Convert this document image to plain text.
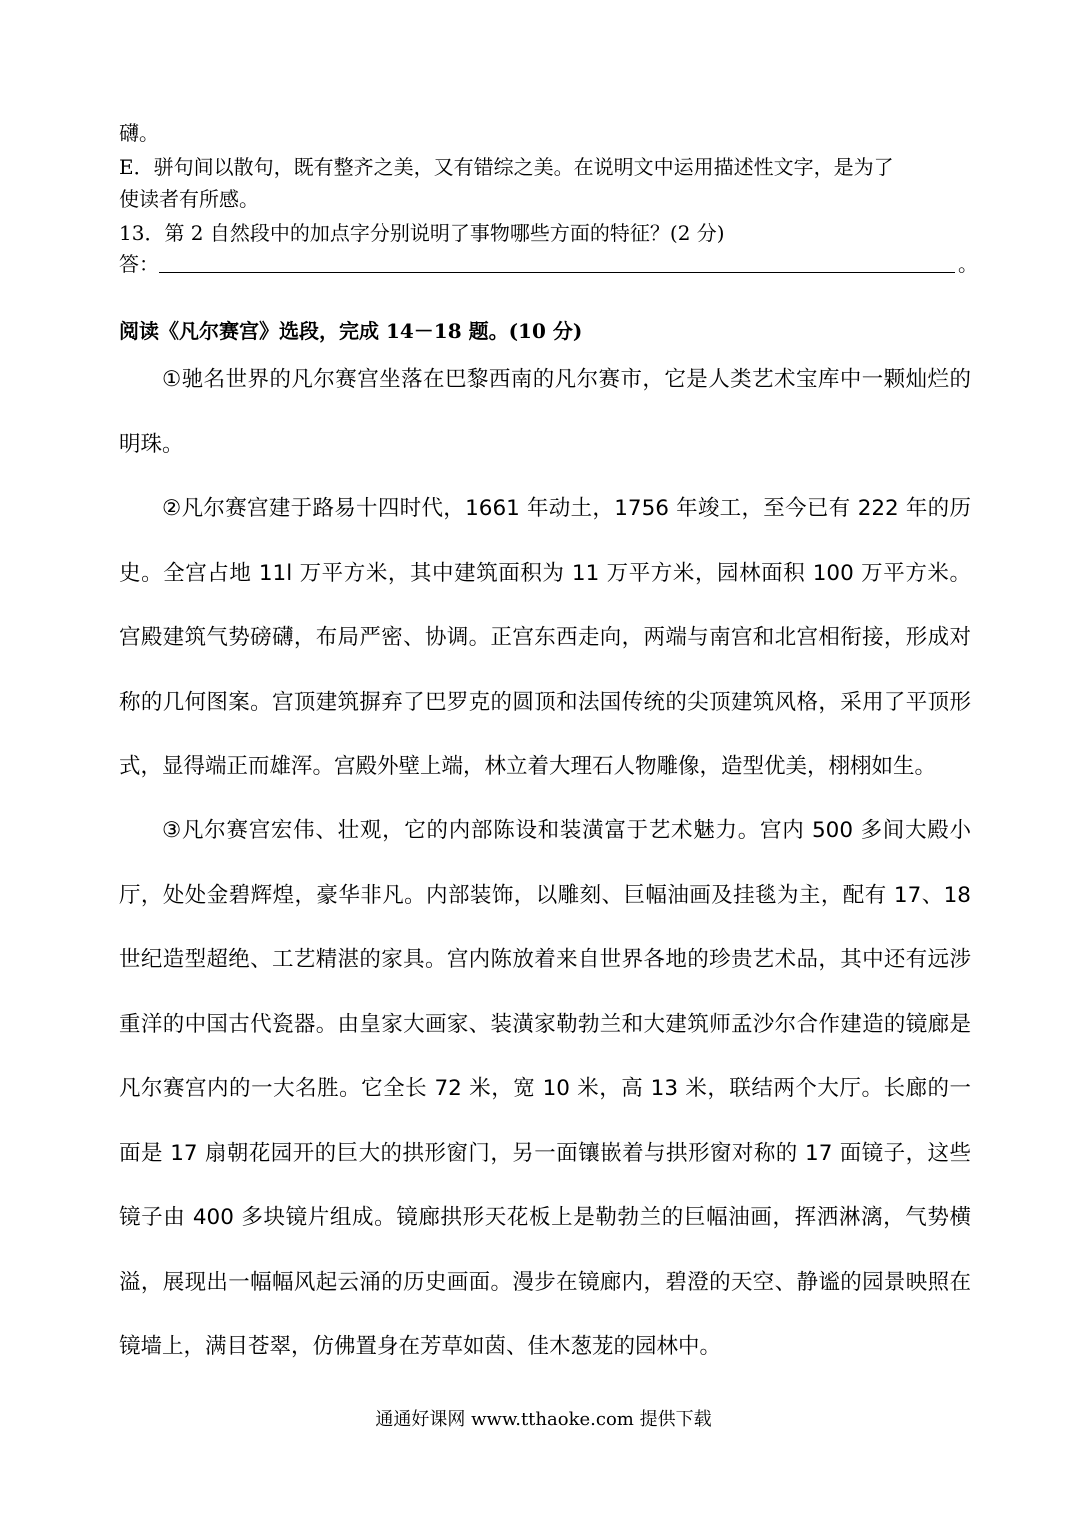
礴。
E．骈句间以散句，既有整齐之美，又有错综之美。在说明文中运用描述性文字，是为了
使读者有所感。
13．第 2 自然段中的加点字分别说明了事物哪些方面的特征？(2 分)
答：	。
阅读《凡尔赛宫》选段，完成 14－18 题。(10 分)
①驰名世界的凡尔赛宫坐落在巴黎西南的凡尔赛市，它是人类艺术宝库中一颗灿烂的明珠。
②凡尔赛宫建于路易十四时代，1661 年动土，1756 年竣工，至今已有 222 年的历史。全宫占地 11l 万平方米，其中建筑面积为 11 万平方米，园林面积 100 万平方米。宫殿建筑气势磅礴，布局严密、协调。正宫东西走向，两端与南宫和北宫相衔接，形成对称的几何图案。宫顶建筑摒弃了巴罗克的圆顶和法国传统的尖顶建筑风格，采用了平顶形式，显得端正而雄浑。宫殿外壁上端，林立着大理石人物雕像，造型优美，栩栩如生。
③凡尔赛宫宏伟、壮观，它的内部陈设和装潢富于艺术魅力。宫内 500 多间大殿小厅，处处金碧辉煌，豪华非凡。内部装饰，以雕刻、巨幅油画及挂毯为主，配有 17、18 世纪造型超绝、工艺精湛的家具。宫内陈放着来自世界各地的珍贵艺术品，其中还有远涉重洋的中国古代瓷器。由皇家大画家、装潢家勒勃兰和大建筑师孟沙尔合作建造的镜廊是凡尔赛宫内的一大名胜。它全长 72 米，宽 10 米，高 13 米，联结两个大厅。长廊的一面是 17 扇朝花园开的巨大的拱形窗门，另一面镶嵌着与拱形窗对称的 17 面镜子，这些镜子由 400 多块镜片组成。镜廊拱形天花板上是勒勃兰的巨幅油画，挥洒淋漓，气势横溢，展现出一幅幅风起云涌的历史画面。漫步在镜廊内，碧澄的天空、静谧的园景映照在镜墙上，满目苍翠，仿佛置身在芳草如茵、佳木葱茏的园林中。
通通好课网 www.tthaoke.com 提供下载
